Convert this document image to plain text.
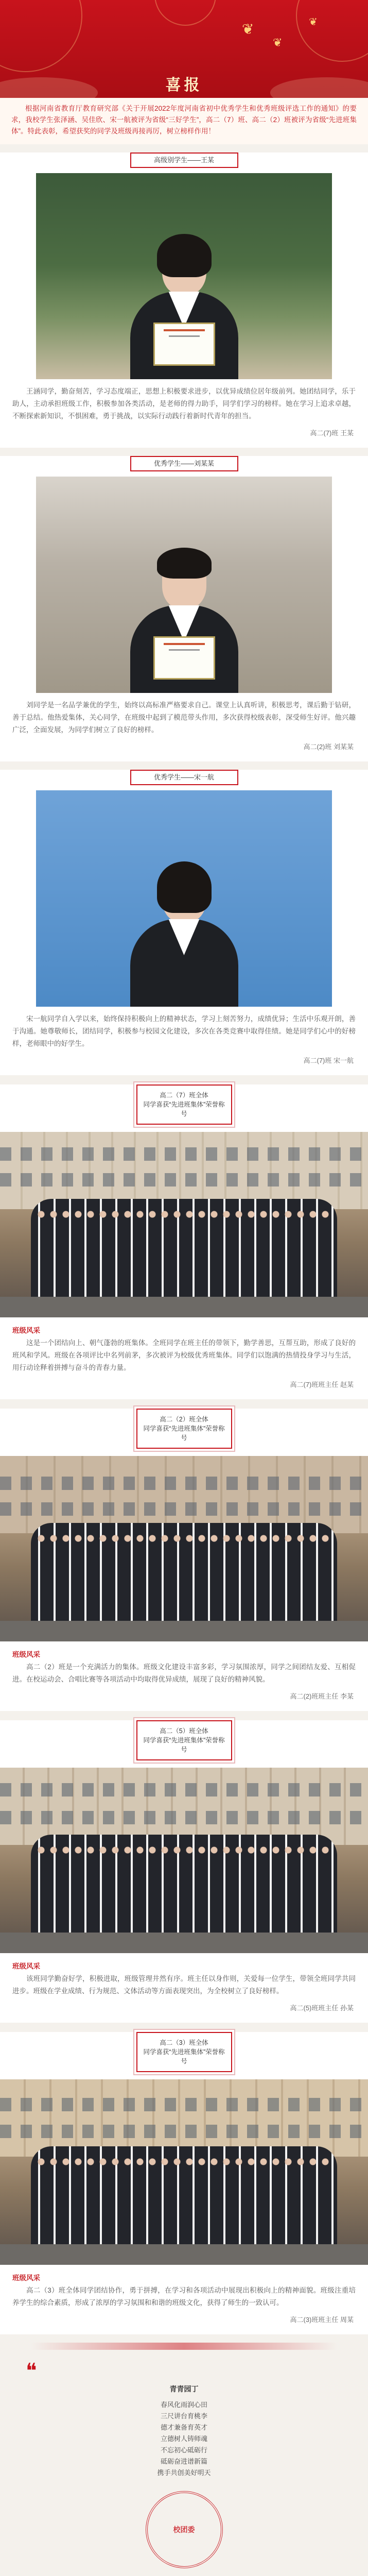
❦
❦
❦
喜报

根据河南省教育厅教育研究部《关于开展2022年度河南省初中优秀学生和优秀班级评选工作的通知》的要求，我校学生张泽涵、吴佳欣、宋一航被评为省级“三好学生”，高二（7）班、高二（2）班被评为省级“先进班集体”。特此表彰，希望获奖的同学及班级再接再厉，树立榜样作用！

高级别学生——王某

王涵同学，勤奋刻苦，学习态度端正，思想上积极要求进步，以优异成绩位居年级前列。她团结同学，乐于助人，主动承担班级工作，积极参加各类活动，是老师的得力助手，同学们学习的榜样。她在学习上追求卓越，不断探索新知识，不惧困难，勇于挑战，以实际行动践行着新时代青年的担当。

高二(7)班 王某
优秀学生——刘某某

刘同学是一名品学兼优的学生，始终以高标准严格要求自己。课堂上认真听讲，积极思考，课后勤于钻研，善于总结。他热爱集体，关心同学，在班级中起到了模范带头作用，多次获得校级表彰，深受师生好评。他兴趣广泛，全面发展，为同学们树立了良好的榜样。

高二(2)班 刘某某
优秀学生——宋一航

宋一航同学自入学以来，始终保持积极向上的精神状态，学习上刻苦努力，成绩优异；生活中乐观开朗，善于沟通。她尊敬师长，团结同学，积极参与校园文化建设，多次在各类竞赛中取得佳绩。她是同学们心中的好榜样，老师眼中的好学生。

高二(7)班 宋一航
高二（7）班全体
同学喜获“先进班集体”荣誉称号
班级风采

这是一个团结向上、朝气蓬勃的班集体。全班同学在班主任的带领下，勤学善思，互帮互助，形成了良好的班风和学风。班级在各项评比中名列前茅，多次被评为校级优秀班集体。同学们以饱满的热情投身学习与生活，用行动诠释着拼搏与奋斗的青春力量。

高二(7)班班主任 赵某
高二（2）班全体
同学喜获“先进班集体”荣誉称号
班级风采

高二（2）班是一个充满活力的集体。班级文化建设丰富多彩，学习氛围浓厚，同学之间团结友爱、互相促进。在校运动会、合唱比赛等各项活动中均取得优异成绩，展现了良好的精神风貌。

高二(2)班班主任 李某
高二（5）班全体
同学喜获“先进班集体”荣誉称号
班级风采

该班同学勤奋好学，积极进取，班级管理井然有序。班主任以身作则，关爱每一位学生，带领全班同学共同进步。班级在学业成绩、行为规范、文体活动等方面表现突出，为全校树立了良好榜样。

高二(5)班班主任 孙某
高二（3）班全体
同学喜获“先进班集体”荣誉称号
班级风采

高二（3）班全体同学团结协作，勇于拼搏，在学习和各项活动中展现出积极向上的精神面貌。班级注重培养学生的综合素质，形成了浓厚的学习氛围和和谐的班级文化，获得了师生的一致认可。

高二(3)班班主任 周某
❝
青青园丁
春风化雨润心田
三尺讲台育桃李
德才兼备育英才
立德树人铸师魂
不忘初心砥砺行
砥砺奋进谱新篇
携手共创美好明天
校团委
